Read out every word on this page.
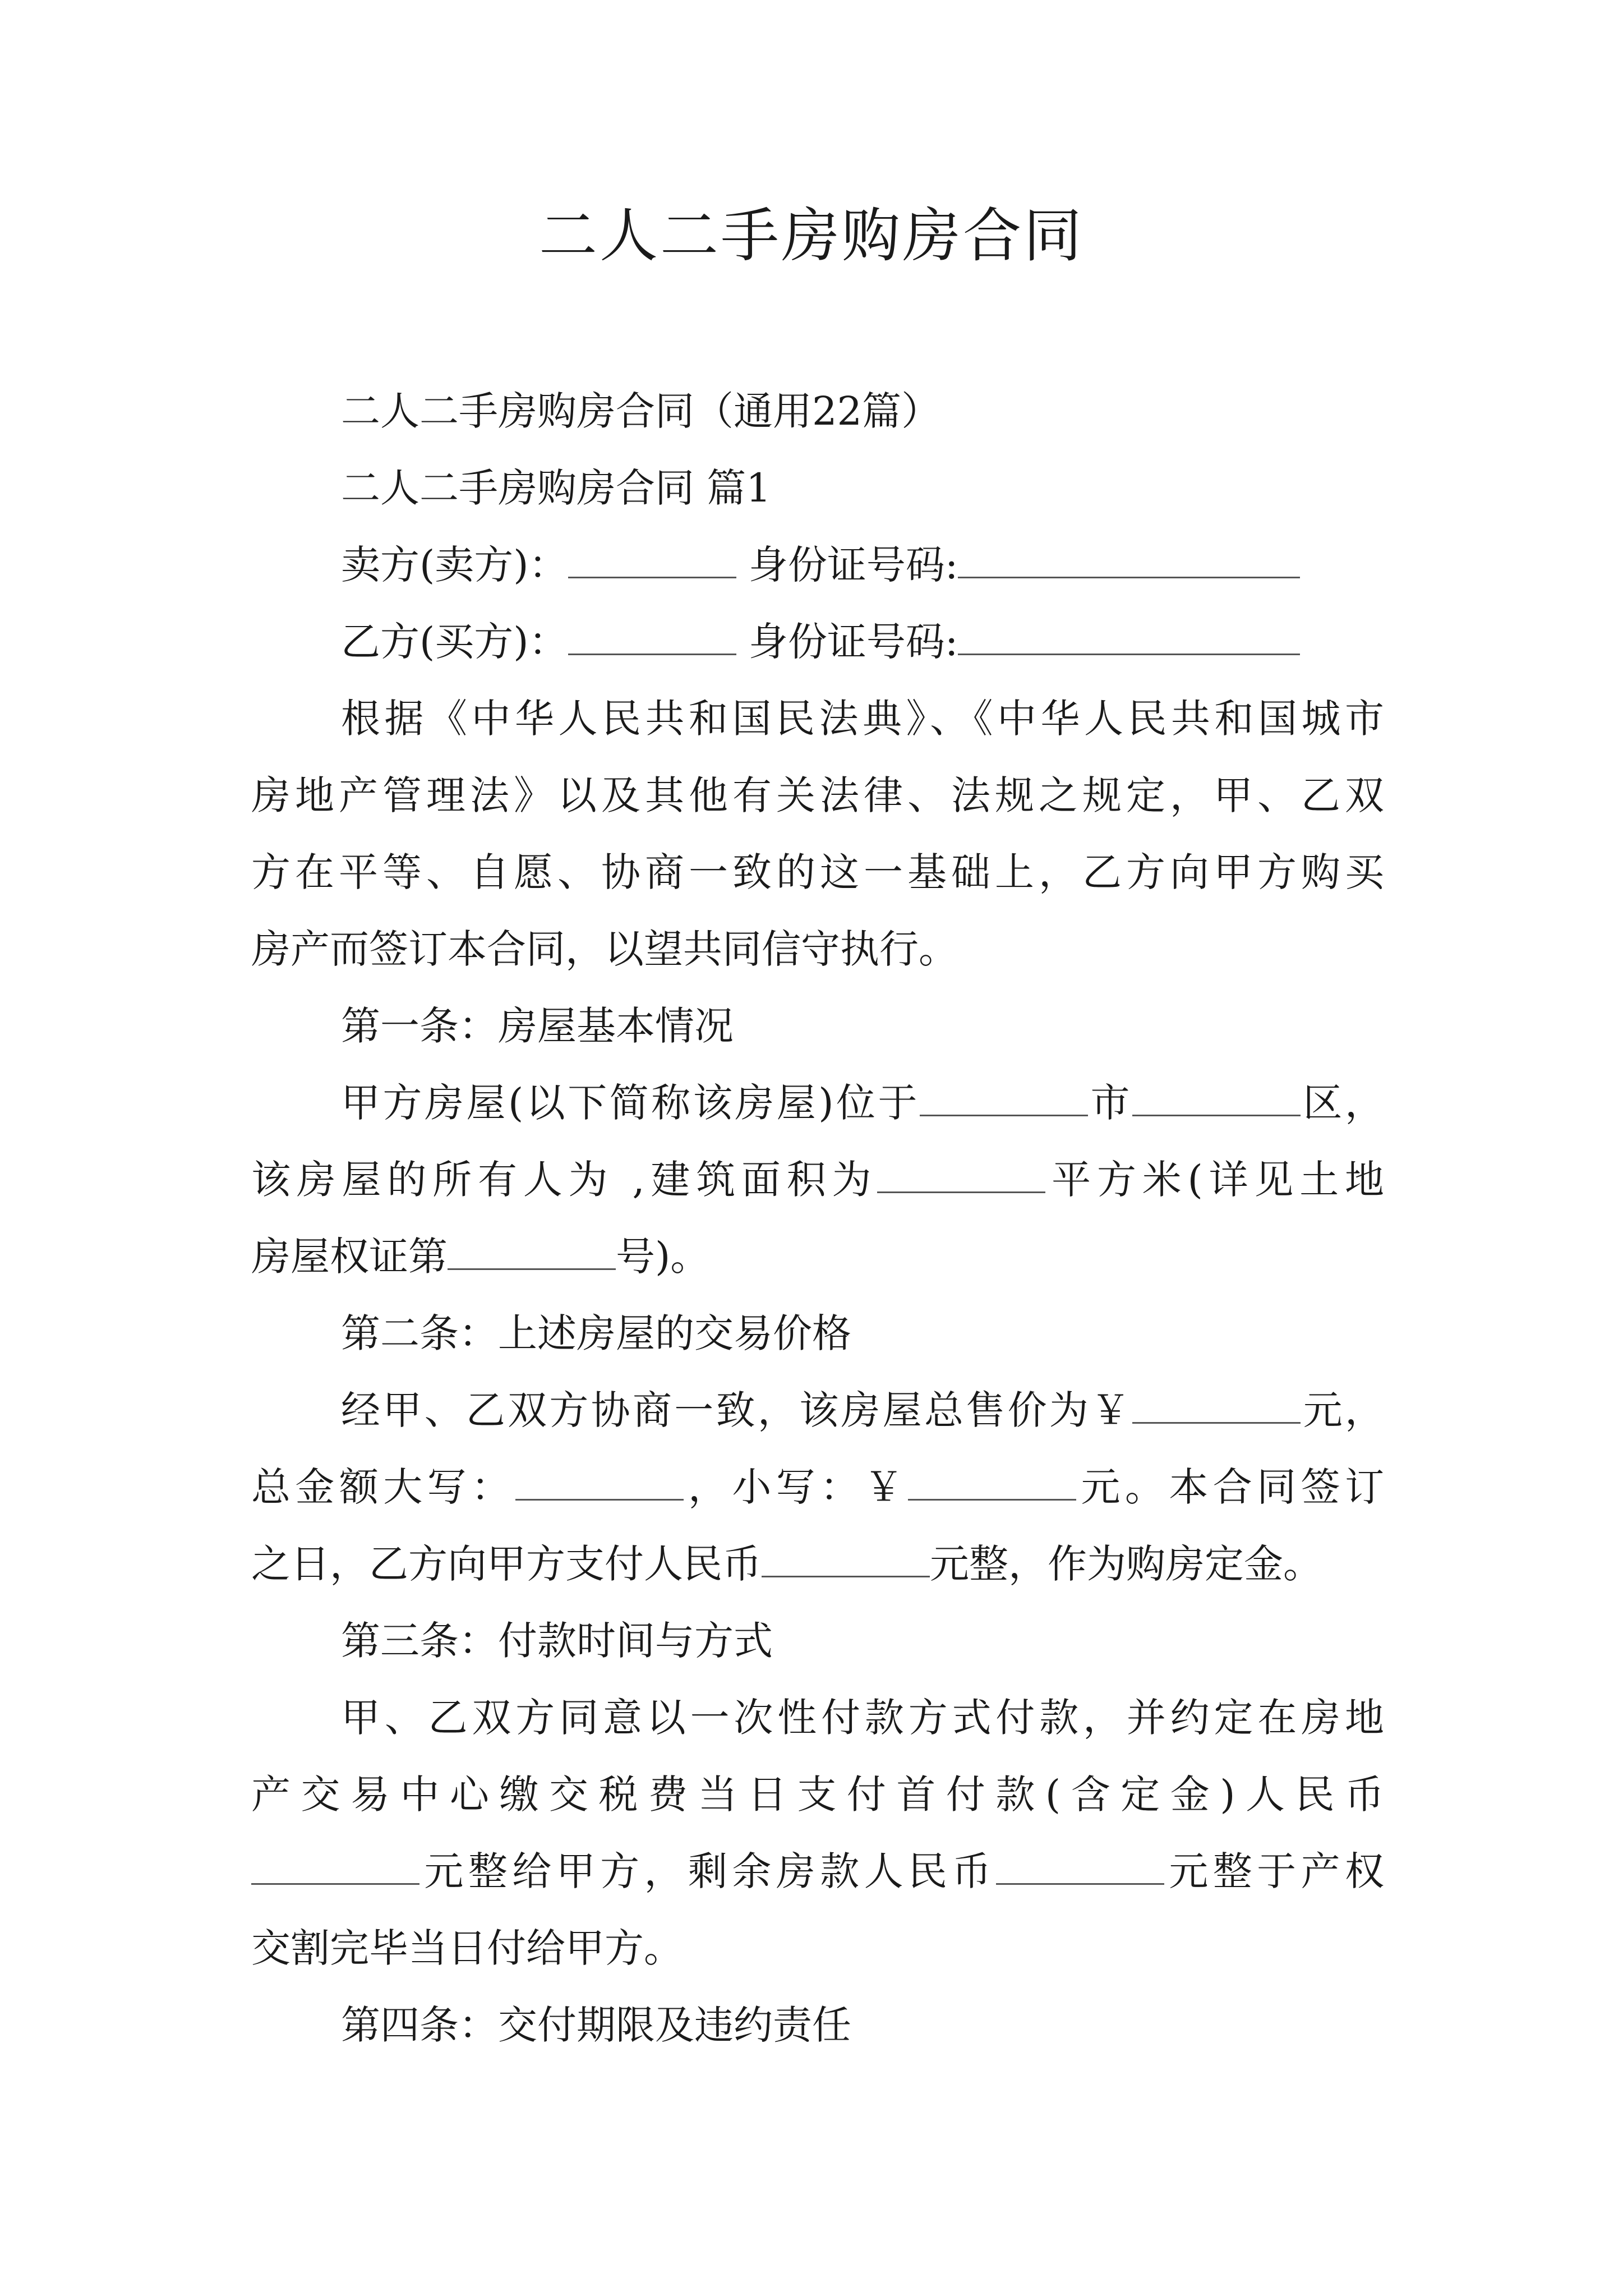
二人二手房购房合同

二人二手房购房合同（通用22篇）

二人二手房购房合同 篇1

卖方(卖方)：	身份证号码:

乙方(买方)：	身份证号码:

根据《中华人民共和国民法典》、《中华人民共和国城市

房地产管理法》以及其他有关法律、法规之规定，甲、乙双

方在平等、自愿、协商一致的这一基础上，乙方向甲方购买

房产而签订本合同，以望共同信守执行。

第一条：房屋基本情况

甲方房屋(以下简称该房屋)位于	市	区，

该房屋的所有人为 ,建筑面积为	平方米(详见土地

房屋权证第	号)。

第二条：上述房屋的交易价格

经甲、乙双方协商一致，该房屋总售价为￥	元，

总金额大写：	，小写：￥	元。本合同签订

之日，乙方向甲方支付人民币	元整，作为购房定金。

第三条：付款时间与方式

甲、乙双方同意以一次性付款方式付款，并约定在房地

产交易中心缴交税费当日支付首付款(含定金)人民币

元整给甲方，剩余房款人民币	元整于产权

交割完毕当日付给甲方。

第四条：交付期限及违约责任
